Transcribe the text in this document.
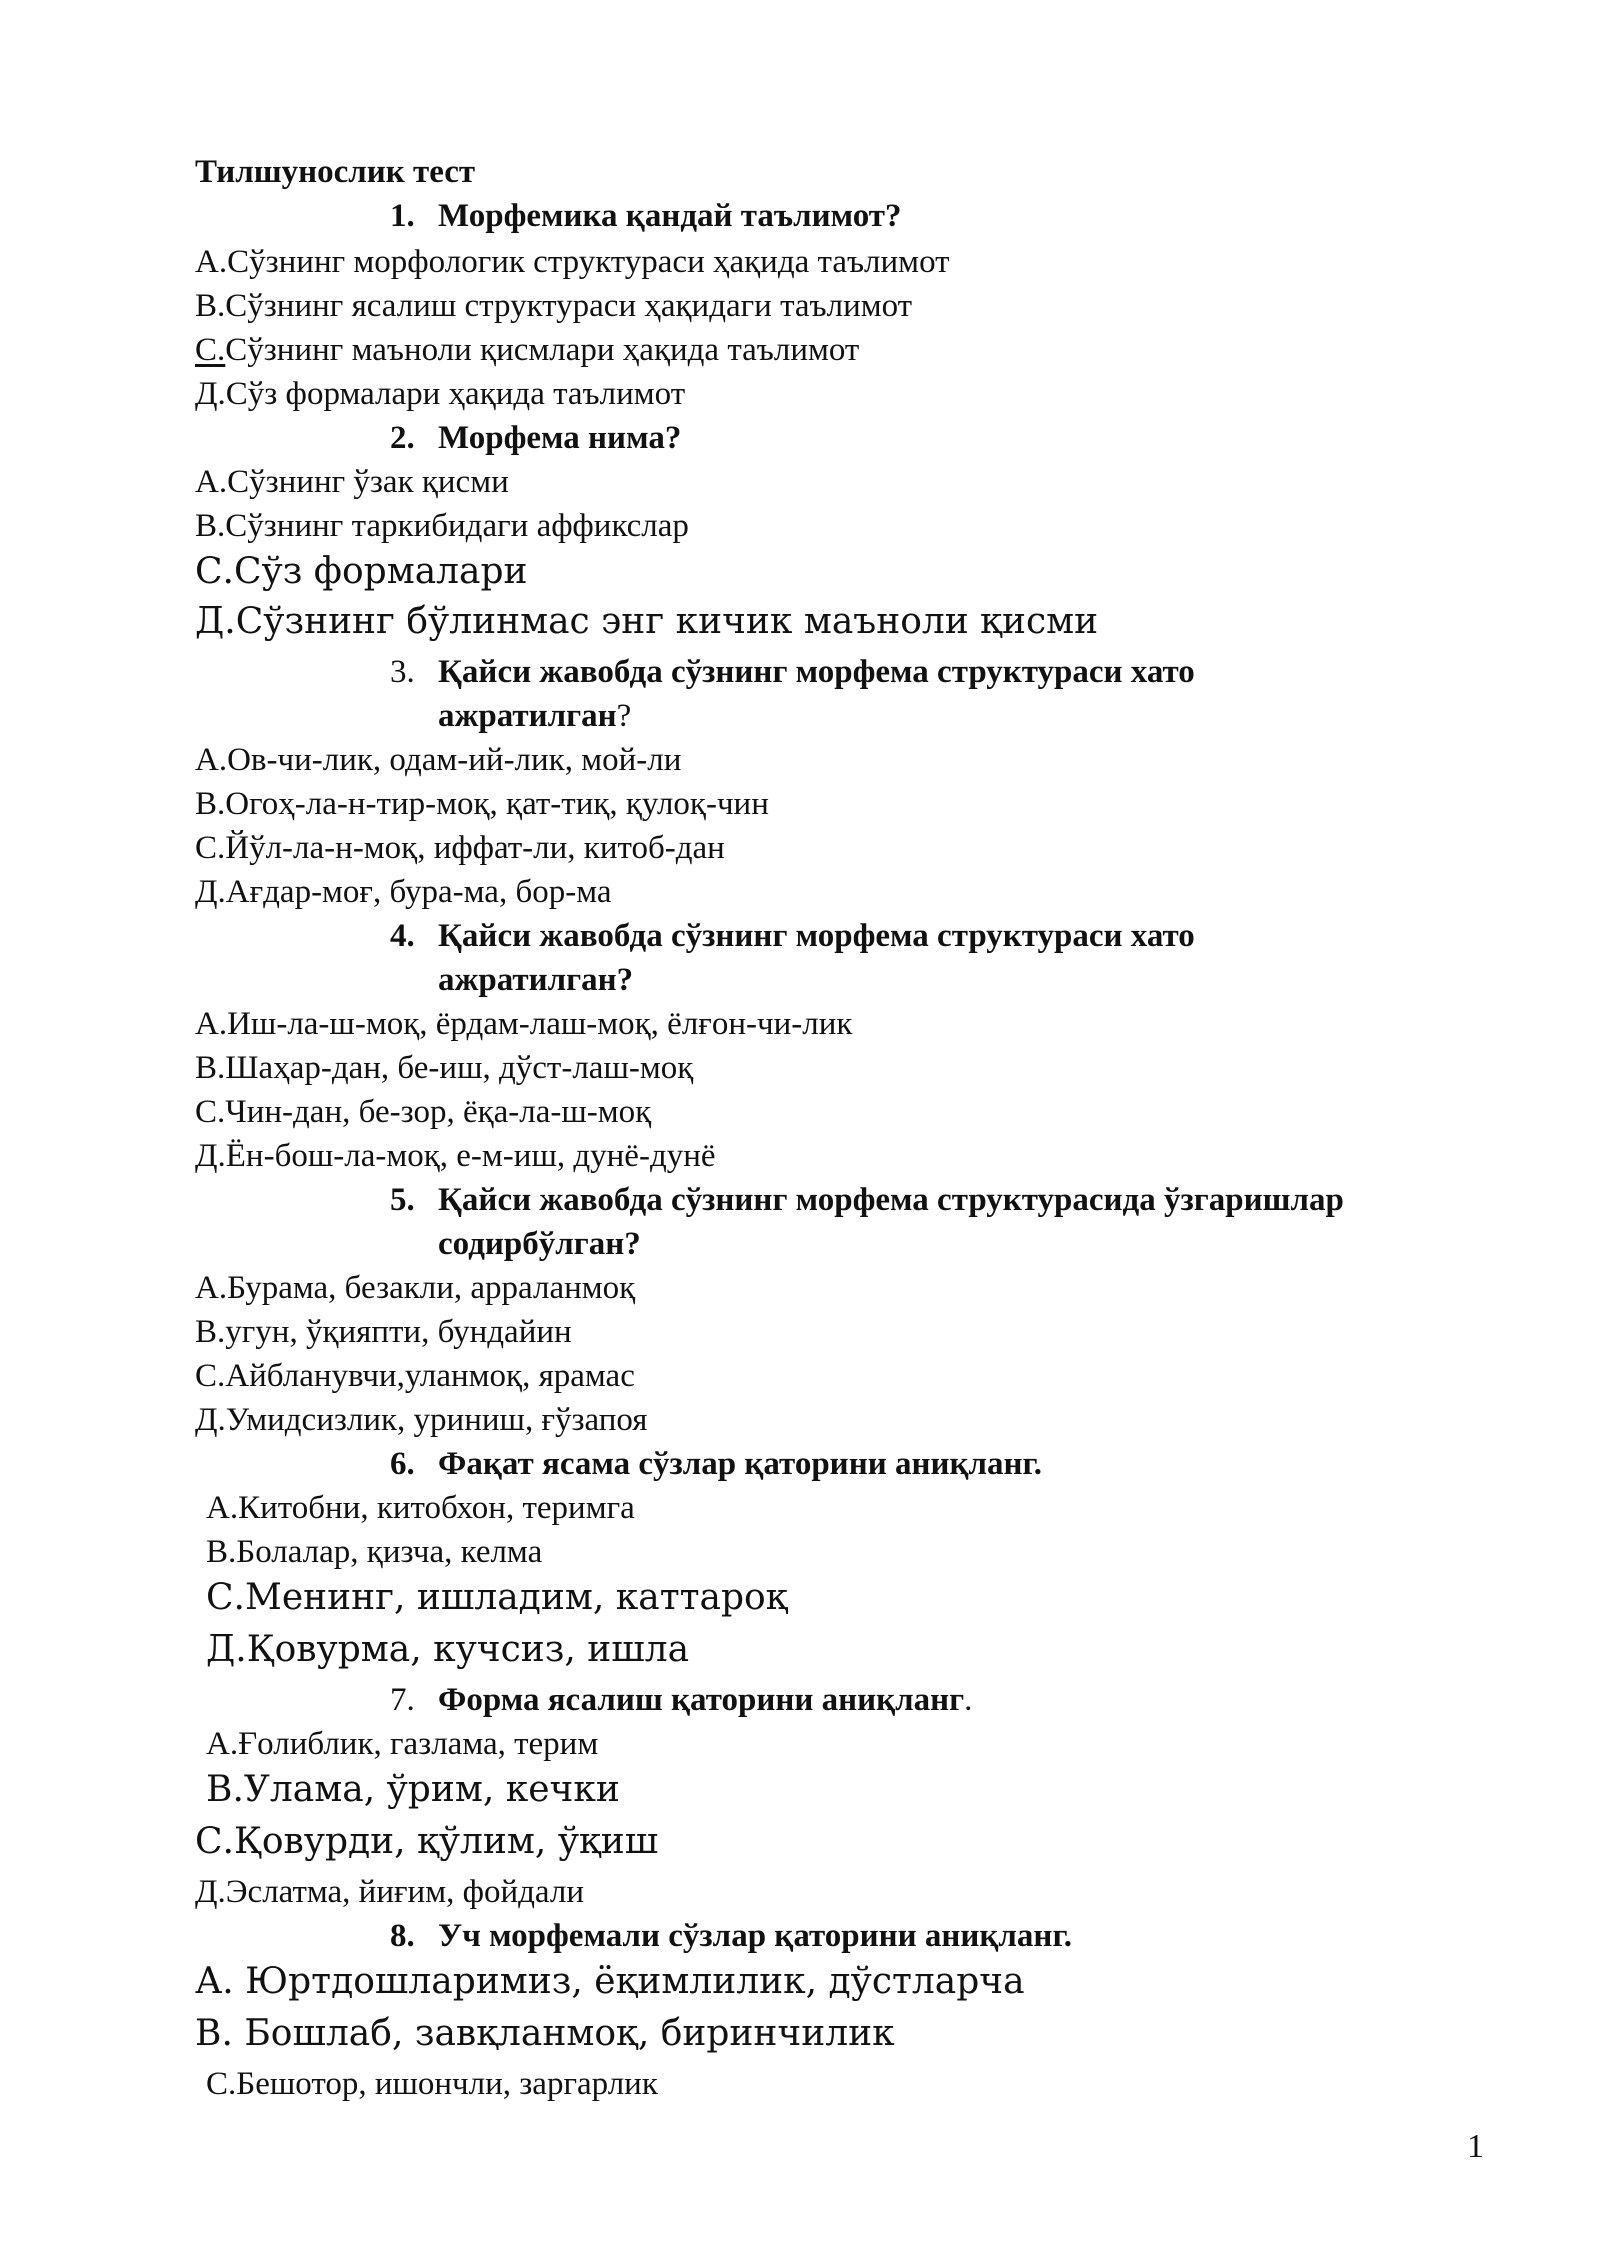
Тилшунослик тест
1. Морфемика қандай таълимот?
А.Сўзнинг морфологик структураси ҳақида таълимот
В.Сўзнинг ясалиш структураси ҳақидаги таълимот
С.Сўзнинг маъноли қисмлари ҳақида таълимот
Д.Сўз формалари ҳақида таълимот
2. Морфема нима?
А.Сўзнинг ўзак қисми
В.Сўзнинг таркибидаги аффикслар
С.Сўз формалари
Д.Сўзнинг бўлинмас энг кичик маъноли қисми
3. Қайси жавобда сўзнинг морфема структураси хато
ажратилган?
А.Ов-чи-лик, одам-ий-лик, мой-ли
В.Огоҳ-ла-н-тир-моқ, қат-тиқ, қулоқ-чин
С.Йўл-ла-н-моқ, иффат-ли, китоб-дан
Д.Ағдар-моғ, бура-ма, бор-ма
4. Қайси жавобда сўзнинг морфема структураси хато
ажратилган?
А.Иш-ла-ш-моқ, ёрдам-лаш-моқ, ёлғон-чи-лик
В.Шаҳар-дан, бе-иш, дўст-лаш-моқ
С.Чин-дан, бе-зор, ёқа-ла-ш-моқ
Д.Ён-бош-ла-моқ, е-м-иш, дунё-дунё
5. Қайси жавобда сўзнинг морфема структурасида ўзгаришлар
содирбўлган?
А.Бурама, безакли, арраланмоқ
В.угун, ўқияпти, бундайин
С.Айбланувчи,уланмоқ, ярамас
Д.Умидсизлик, уриниш, ғўзапоя
6. Фақат ясама сўзлар қаторини аниқланг.
А.Китобни, китобхон, теримга
В.Болалар, қизча, келма
С.Менинг, ишладим, каттароқ
Д.Қовурма, кучсиз, ишла
7. Форма ясалиш қаторини аниқланг.
А.Ғолиблик, газлама, терим
В.Улама, ўрим, кечки
С.Қовурди, қўлим, ўқиш
Д.Эслатма, йиғим, фойдали
8. Уч морфемали сўзлар қаторини аниқланг.
А. Юртдошларимиз, ёқимлилик, дўстларча
В. Бошлаб, завқланмоқ, биринчилик
С.Бешотор, ишончли, заргарлик
1
